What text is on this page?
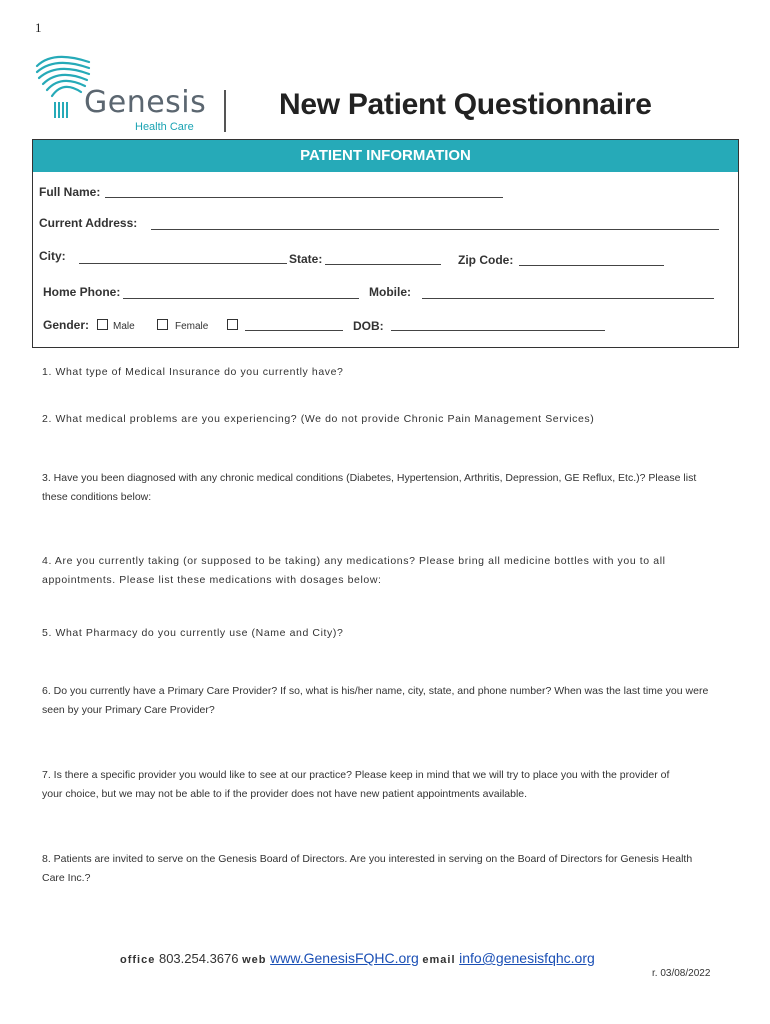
1
Genesis
Health Care
New Patient Questionnaire
PATIENT INFORMATION
Full Name:
Current Address:
City:	State:	Zip Code:
Home Phone:	Mobile:
Gender: Male	Female	DOB:
1. What type of Medical Insurance do you currently have?
2. What medical problems are you experiencing? (We do not provide Chronic Pain Management Services)
3. Have you been diagnosed with any chronic medical conditions (Diabetes, Hypertension, Arthritis, Depression, GE Reflux, Etc.)? Please list these conditions below:
4. Are you currently taking (or supposed to be taking) any medications? Please bring all medicine bottles with you to all appointments. Please list these medications with dosages below:
5. What Pharmacy do you currently use (Name and City)?
6. Do you currently have a Primary Care Provider? If so, what is his/her name, city, state, and phone number? When was the last time you were seen by your Primary Care Provider?
7. Is there a specific provider you would like to see at our practice? Please keep in mind that we will try to place you with the provider of your choice, but we may not be able to if the provider does not have new patient appointments available.
8. Patients are invited to serve on the Genesis Board of Directors. Are you interested in serving on the Board of Directors for Genesis Health Care Inc.?
office 803.254.3676 web www.GenesisFQHC.org email info@genesisfqhc.org
r. 03/08/2022
